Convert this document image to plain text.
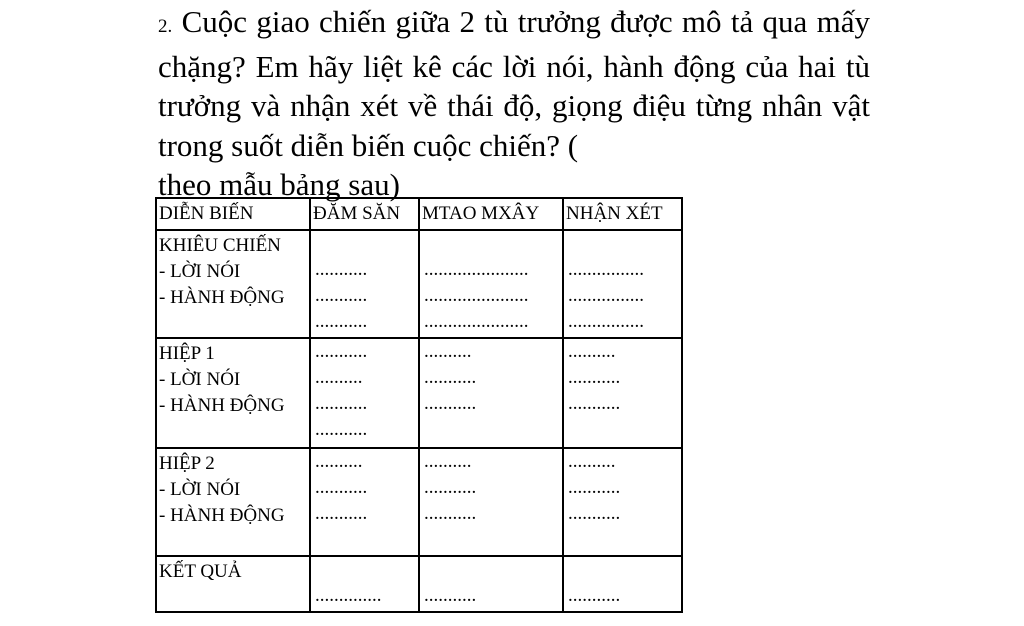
2. Cuộc giao chiến giữa 2 tù trưởng được mô tả qua mấy chặng? Em hãy liệt kê các lời nói, hành động của hai tù trưởng và nhận xét về thái độ, giọng điệu từng nhân vật trong suốt diễn biến cuộc chiến? (
theo mẫu bảng sau)
DIỄN BIẾN	ĐĂM SĂN	MTAO MXÂY	NHẬN XÉT

KHIÊU CHIẾN
- LỜI NÓI
- HÀNH ĐỘNG	...........
...........
...........	......................
......................
......................	................
................
................

HIỆP 1
- LỜI NÓI
- HÀNH ĐỘNG	...........
..........
...........
...........	..........
...........
...........	..........
...........
...........

HIỆP 2
- LỜI NÓI
- HÀNH ĐỘNG	..........
...........
...........	..........
...........
...........	..........
...........
...........

KẾT QUẢ	..............	...........	...........
